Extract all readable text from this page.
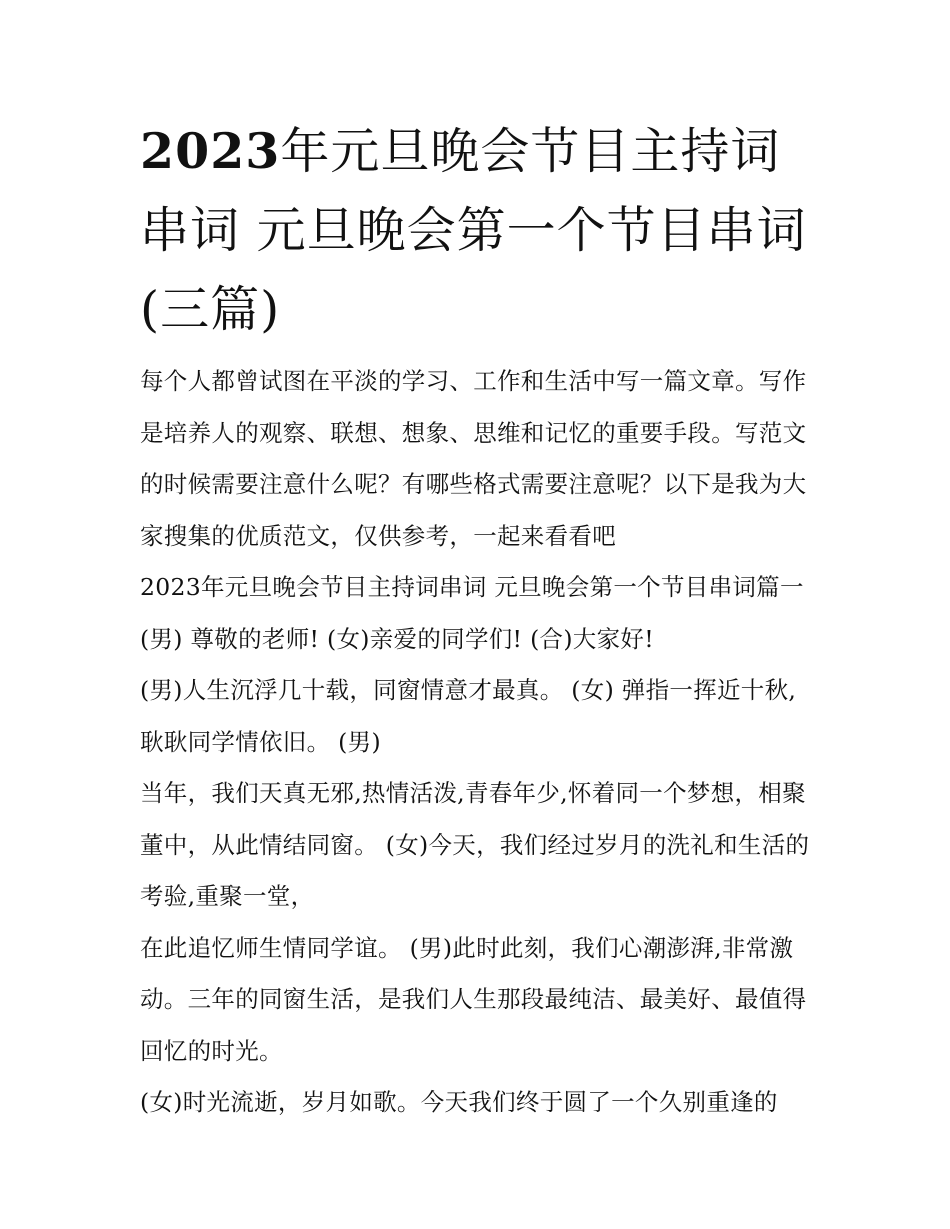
2023年元旦晚会节目主持词串词 元旦晚会第一个节目串词(三篇)

每个人都曾试图在平淡的学习、工作和生活中写一篇文章。写作是培养人的观察、联想、想象、思维和记忆的重要手段。写范文的时候需要注意什么呢？有哪些格式需要注意呢？以下是我为大家搜集的优质范文，仅供参考，一起来看看吧

2023年元旦晚会节目主持词串词 元旦晚会第一个节目串词篇一 (男) 尊敬的老师! (女)亲爱的同学们! (合)大家好!

(男)人生沉浮几十载，同窗情意才最真。 (女) 弹指一挥近十秋, 耿耿同学情依旧。 (男)

当年，我们天真无邪,热情活泼,青春年少,怀着同一个梦想，相聚董中，从此情结同窗。 (女)今天，我们经过岁月的洗礼和生活的考验,重聚一堂，

在此追忆师生情同学谊。 (男)此时此刻，我们心潮澎湃,非常激动。三年的同窗生活，是我们人生那段最纯洁、最美好、最值得回忆的时光。

(女)时光流逝，岁月如歌。今天我们终于圆了一个久别重逢的
